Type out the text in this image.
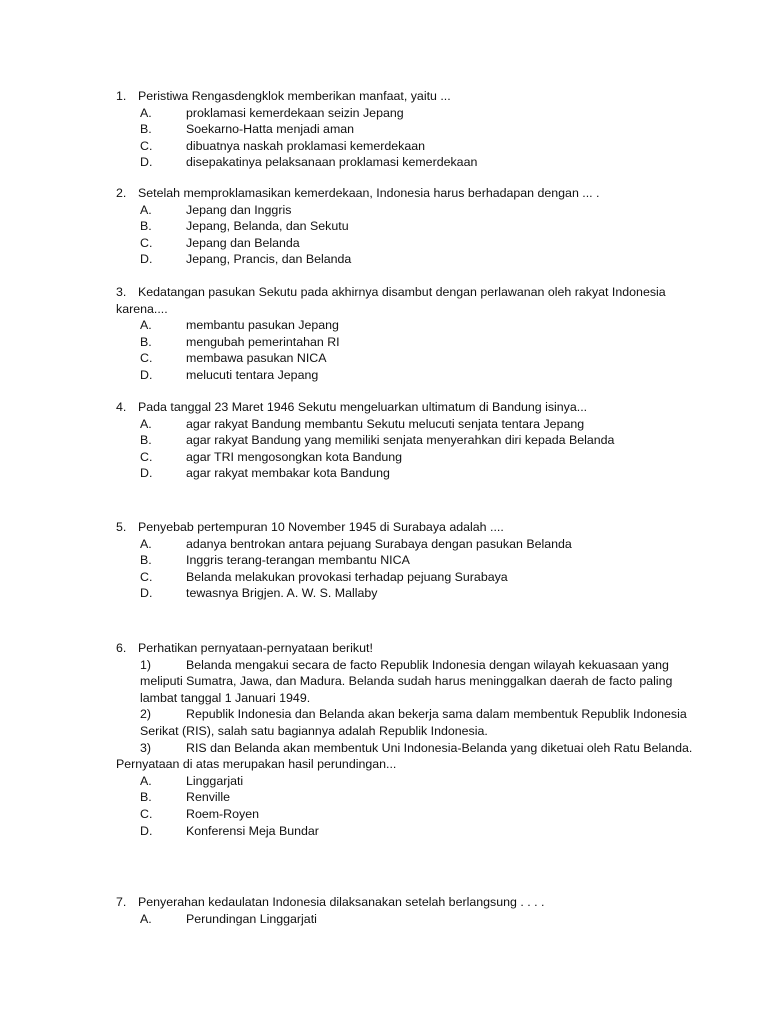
1. Peristiwa Rengasdengklok memberikan manfaat, yaitu ...
A.	proklamasi kemerdekaan seizin Jepang
B.	Soekarno-Hatta menjadi aman
C.	dibuatnya naskah proklamasi kemerdekaan
D.	disepakatinya pelaksanaan proklamasi kemerdekaan
2. Setelah memproklamasikan kemerdekaan, Indonesia harus berhadapan dengan ... .
A.	Jepang dan Inggris
B.	Jepang, Belanda, dan Sekutu
C.	Jepang dan Belanda
D.	Jepang, Prancis, dan Belanda
3. Kedatangan pasukan Sekutu pada akhirnya disambut dengan perlawanan oleh rakyat Indonesia
karena....
A.	membantu pasukan Jepang
B.	mengubah pemerintahan RI
C.	membawa pasukan NICA
D.	melucuti tentara Jepang
4. Pada tanggal 23 Maret 1946 Sekutu mengeluarkan ultimatum di Bandung isinya...
A.	agar rakyat Bandung membantu Sekutu melucuti senjata tentara Jepang
B.	agar rakyat Bandung yang memiliki senjata menyerahkan diri kepada Belanda
C.	agar TRI mengosongkan kota Bandung
D.	agar rakyat membakar kota Bandung
5. Penyebab pertempuran 10 November 1945 di Surabaya adalah ....
A.	adanya bentrokan antara pejuang Surabaya dengan pasukan Belanda
B.	Inggris terang-terangan membantu NICA
C.	Belanda melakukan provokasi terhadap pejuang Surabaya
D.	tewasnya Brigjen. A. W. S. Mallaby
6. Perhatikan pernyataan-pernyataan berikut!
1)	Belanda mengakui secara de facto Republik Indonesia dengan wilayah kekuasaan yang meliputi Sumatra, Jawa, dan Madura. Belanda sudah harus meninggalkan daerah de facto paling lambat tanggal 1 Januari 1949.
2)	Republik Indonesia dan Belanda akan bekerja sama dalam membentuk Republik Indonesia Serikat (RIS), salah satu bagiannya adalah Republik Indonesia.
3)	RIS dan Belanda akan membentuk Uni Indonesia-Belanda yang diketuai oleh Ratu Belanda.
Pernyataan di atas merupakan hasil perundingan...
A.	Linggarjati
B.	Renville
C.	Roem-Royen
D.	Konferensi Meja Bundar
7. Penyerahan kedaulatan Indonesia dilaksanakan setelah berlangsung . . . .
A.	Perundingan Linggarjati
